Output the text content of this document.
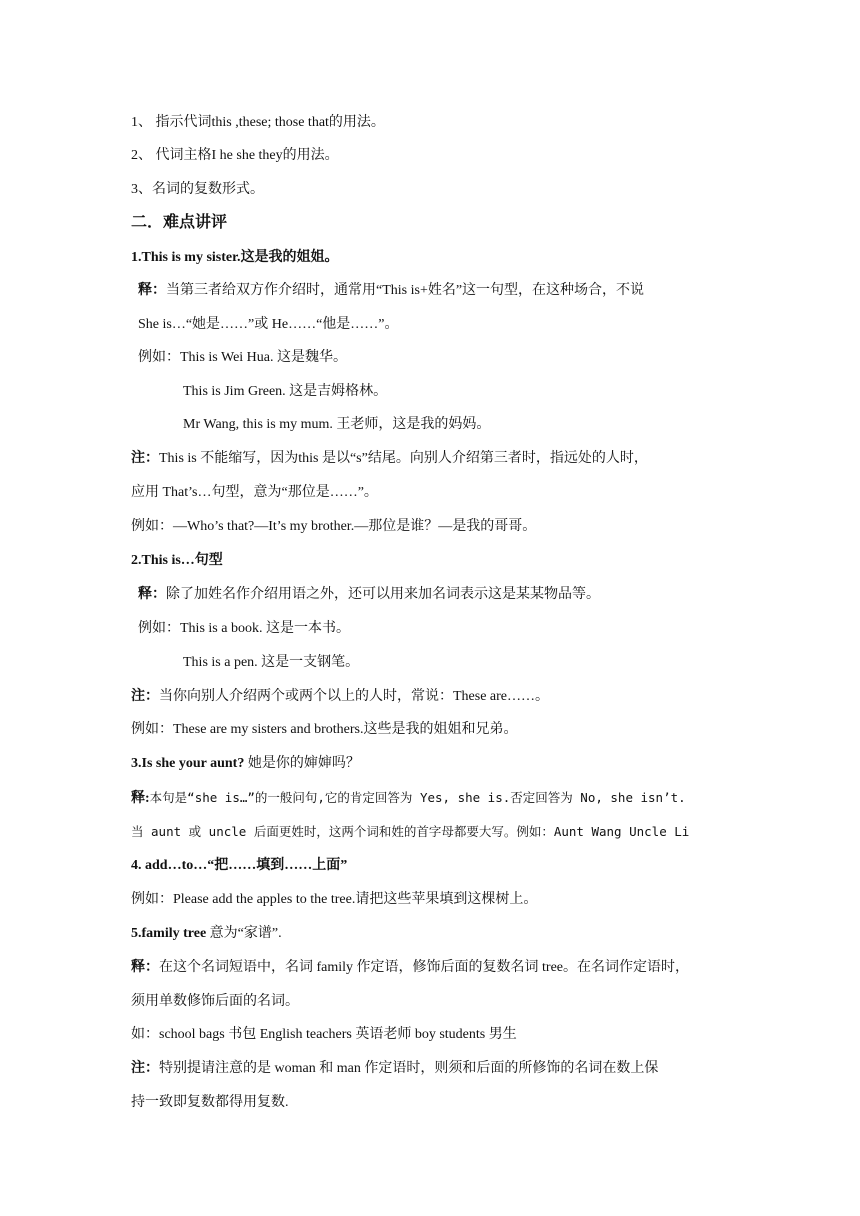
1、 指示代词this ,these; those that的用法。
2、 代词主格I he she they的用法。
3、名词的复数形式。
二．难点讲评
1.This is my sister.这是我的姐姐。
释：当第三者给双方作介绍时，通常用“This is+姓名”这一句型，在这种场合，不说
She is…“她是……”或 He……“他是……”。
例如：This is Wei Hua. 这是魏华。
This is Jim Green. 这是吉姆格林。
Mr Wang, this is my mum. 王老师，这是我的妈妈。
注：This is 不能缩写，因为this 是以“s”结尾。向别人介绍第三者时，指远处的人时，
应用 That’s…句型，意为“那位是……”。
例如：—Who’s that?—It’s my brother.—那位是谁？—是我的哥哥。
2.This is…句型
释：除了加姓名作介绍用语之外，还可以用来加名词表示这是某某物品等。
例如：This is a book. 这是一本书。
This is a pen. 这是一支钢笔。
注：当你向别人介绍两个或两个以上的人时，常说：These are……。
例如：These are my sisters and brothers.这些是我的姐姐和兄弟。
3.Is she your aunt? 她是你的婶婶吗？
释:本句是“she is…”的一般问句,它的肯定回答为 Yes, she is.否定回答为 No, she isn’t.
当 aunt 或 uncle 后面更姓时，这两个词和姓的首字母都要大写。例如：Aunt Wang Uncle Li
4. add…to…“把……填到……上面”
例如：Please add the apples to the tree.请把这些苹果填到这棵树上。
5.family tree 意为“家谱”.
释：在这个名词短语中，名词 family 作定语，修饰后面的复数名词 tree。在名词作定语时，
须用单数修饰后面的名词。
如：school bags 书包 English teachers 英语老师 boy students 男生
注：特别提请注意的是 woman 和 man 作定语时，则须和后面的所修饰的名词在数上保
持一致即复数都得用复数.
